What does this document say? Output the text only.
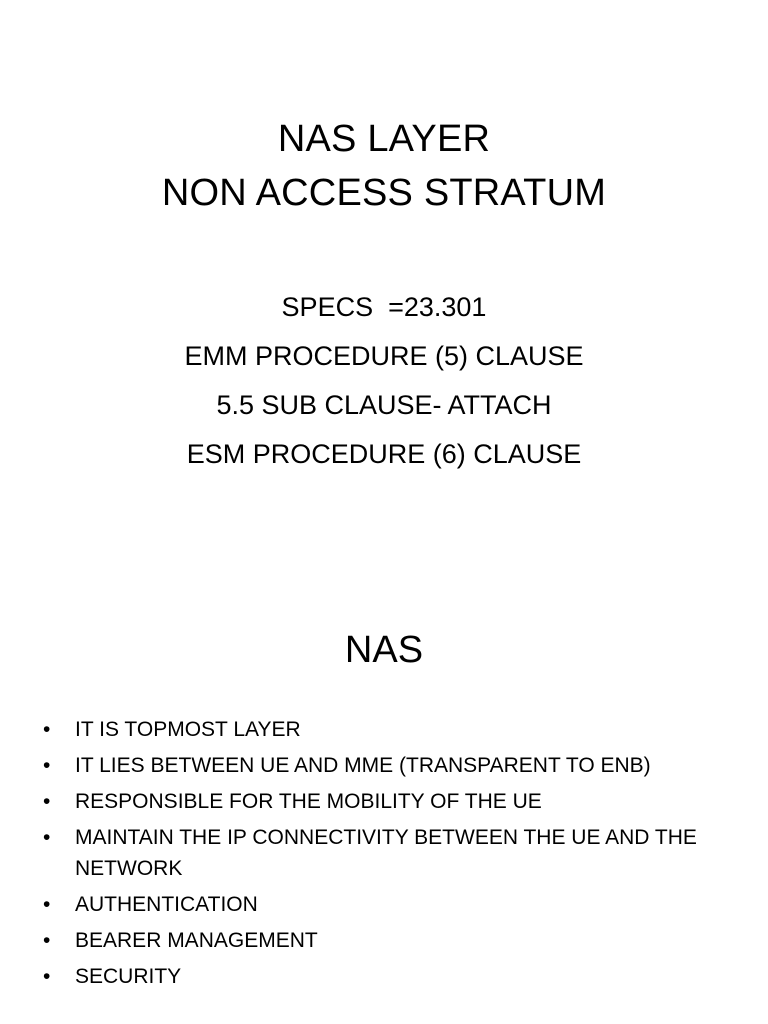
NAS LAYER
NON ACCESS STRATUM
SPECS  =23.301
EMM PROCEDURE (5) CLAUSE
5.5 SUB CLAUSE- ATTACH
ESM PROCEDURE (6) CLAUSE
NAS
• IT IS TOPMOST LAYER
• IT LIES BETWEEN UE AND MME (TRANSPARENT TO ENB)
• RESPONSIBLE FOR THE MOBILITY OF THE UE
• MAINTAIN THE IP CONNECTIVITY BETWEEN THE UE AND THE NETWORK
• AUTHENTICATION
• BEARER MANAGEMENT
• SECURITY
